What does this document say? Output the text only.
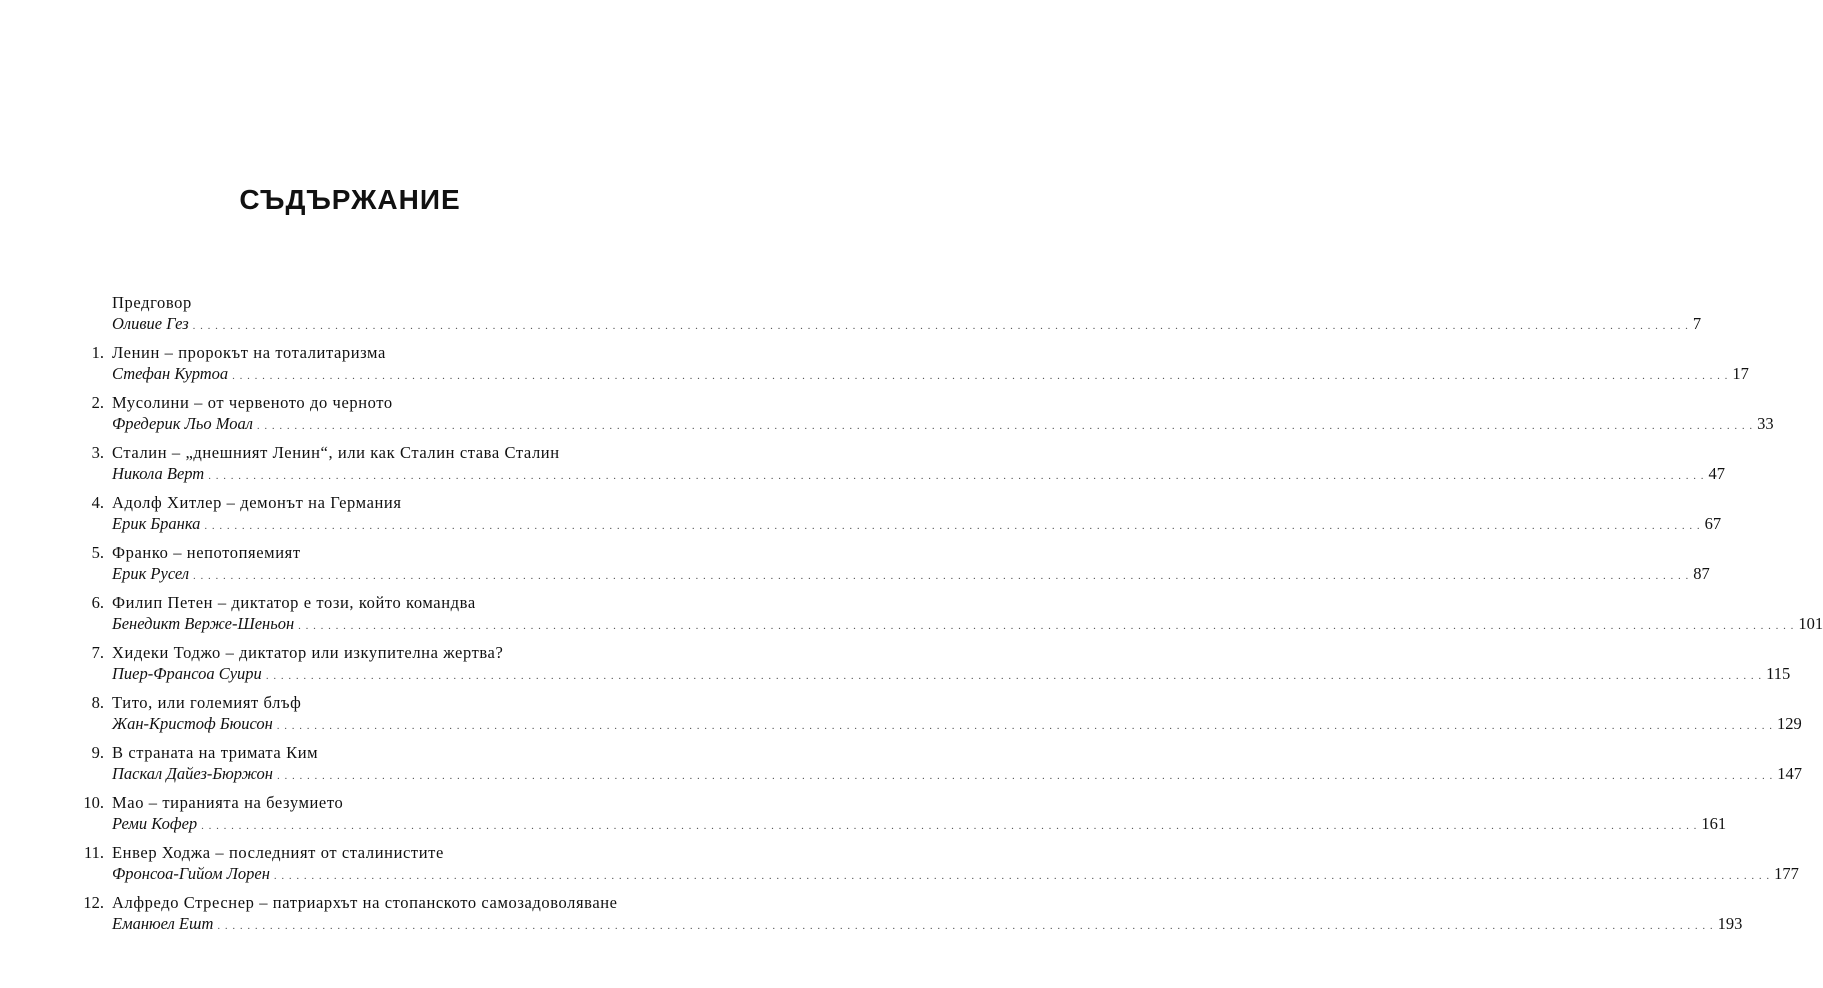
СЪДЪРЖАНИЕ
Предговор
Оливие Гез . . . . . . . . . . . . . . . . . . . . . . . . . . . . . . . . . . . . . . . . . . . . . . . . . . . . . . . . . . . . . . . . . . . . . . . . . . . . . . . . . . . . . . . . . . . . . . . . . . . . . . . . . . . . . . . . . . . . . . . . . . . . . . . . . . . . . . . . . . . . . . . . . . . . . . . . . . . . . . . . . . . . . . . . . . . . . . . . . . . . . . . . . . . . . . . . . . . . . . . . 7
1. Ленин – пророкът на тоталитаризма
Стефан Куртоа . . . . . . . . . . . . . . . . . . . . . . . . . . . . . . . . . . . . . . . . . . . . . . . . . . . . . . . . . . . . . . . . . . . . . . . . . . . . . . . . . . . . . . . . . . . . . . . . . . . . . . . . . . . . . . . . . . . . . . . . . . . . . . . . . . . . . . . . . . . . . . . . . . . . . . . . . . . . . . . . . . . . . . . . . . . . . . . . . . . . . . . . . . . . . . . . . . . . . . . . 17
2. Мусолини – от червеното до черното
Фредерик Льо Моал . . . . . . . . . . . . . . . . . . . . . . . . . . . . . . . . . . . . . . . . . . . . . . . . . . . . . . . . . . . . . . . . . . . . . . . . . . . . . . . . . . . . . . . . . . . . . . . . . . . . . . . . . . . . . . . . . . . . . . . . . . . . . . . . . . . . . . . . . . . . . . . . . . . . . . . . . . . . . . . . . . . . . . . . . . . . . . . . . . . . . . . . . . . . . . . . . . . . . . . . 33
3. Сталин – „днешният Ленин“, или как Сталин става Сталин
Никола Верт . . . . . . . . . . . . . . . . . . . . . . . . . . . . . . . . . . . . . . . . . . . . . . . . . . . . . . . . . . . . . . . . . . . . . . . . . . . . . . . . . . . . . . . . . . . . . . . . . . . . . . . . . . . . . . . . . . . . . . . . . . . . . . . . . . . . . . . . . . . . . . . . . . . . . . . . . . . . . . . . . . . . . . . . . . . . . . . . . . . . . . . . . . . . . . . . . . . . . . . . 47
4. Адолф Хитлер – демонът на Германия
Ерик Бранка . . . . . . . . . . . . . . . . . . . . . . . . . . . . . . . . . . . . . . . . . . . . . . . . . . . . . . . . . . . . . . . . . . . . . . . . . . . . . . . . . . . . . . . . . . . . . . . . . . . . . . . . . . . . . . . . . . . . . . . . . . . . . . . . . . . . . . . . . . . . . . . . . . . . . . . . . . . . . . . . . . . . . . . . . . . . . . . . . . . . . . . . . . . . . . . . . . . . . . . . 67
5. Франко – непотопяемият
Ерик Русел . . . . . . . . . . . . . . . . . . . . . . . . . . . . . . . . . . . . . . . . . . . . . . . . . . . . . . . . . . . . . . . . . . . . . . . . . . . . . . . . . . . . . . . . . . . . . . . . . . . . . . . . . . . . . . . . . . . . . . . . . . . . . . . . . . . . . . . . . . . . . . . . . . . . . . . . . . . . . . . . . . . . . . . . . . . . . . . . . . . . . . . . . . . . . . . . . . . . . . . . 87
6. Филип Петен – диктатор е този, който командва
Бенедикт Верже-Шеньон . . . . . . . . . . . . . . . . . . . . . . . . . . . . . . . . . . . . . . . . . . . . . . . . . . . . . . . . . . . . . . . . . . . . . . . . . . . . . . . . . . . . . . . . . . . . . . . . . . . . . . . . . . . . . . . . . . . . . . . . . . . . . . . . . . . . . . . . . . . . . . . . . . . . . . . . . . . . . . . . . . . . . . . . . . . . . . . . . . . . . . . . . . . . . . . . . . . . . . . . 101
7. Хидеки Тоджо – диктатор или изкупителна жертва?
Пиер-Франсоа Суири . . . . . . . . . . . . . . . . . . . . . . . . . . . . . . . . . . . . . . . . . . . . . . . . . . . . . . . . . . . . . . . . . . . . . . . . . . . . . . . . . . . . . . . . . . . . . . . . . . . . . . . . . . . . . . . . . . . . . . . . . . . . . . . . . . . . . . . . . . . . . . . . . . . . . . . . . . . . . . . . . . . . . . . . . . . . . . . . . . . . . . . . . . . . . . . . . . . . . . . . 115
8. Тито, или големият блъф
Жан-Кристоф Бюисон . . . . . . . . . . . . . . . . . . . . . . . . . . . . . . . . . . . . . . . . . . . . . . . . . . . . . . . . . . . . . . . . . . . . . . . . . . . . . . . . . . . . . . . . . . . . . . . . . . . . . . . . . . . . . . . . . . . . . . . . . . . . . . . . . . . . . . . . . . . . . . . . . . . . . . . . . . . . . . . . . . . . . . . . . . . . . . . . . . . . . . . . . . . . . . . . . . . . . . . . 129
9. В страната на тримата Ким
Паскал Дайез-Бюржон . . . . . . . . . . . . . . . . . . . . . . . . . . . . . . . . . . . . . . . . . . . . . . . . . . . . . . . . . . . . . . . . . . . . . . . . . . . . . . . . . . . . . . . . . . . . . . . . . . . . . . . . . . . . . . . . . . . . . . . . . . . . . . . . . . . . . . . . . . . . . . . . . . . . . . . . . . . . . . . . . . . . . . . . . . . . . . . . . . . . . . . . . . . . . . . . . . . . . . . . 147
10. Мао – тиранията на безумието
Реми Кофер . . . . . . . . . . . . . . . . . . . . . . . . . . . . . . . . . . . . . . . . . . . . . . . . . . . . . . . . . . . . . . . . . . . . . . . . . . . . . . . . . . . . . . . . . . . . . . . . . . . . . . . . . . . . . . . . . . . . . . . . . . . . . . . . . . . . . . . . . . . . . . . . . . . . . . . . . . . . . . . . . . . . . . . . . . . . . . . . . . . . . . . . . . . . . . . . . . . . . . . . 161
11. Енвер Ходжа – последният от сталинистите
Фронсоа-Гийом Лорен . . . . . . . . . . . . . . . . . . . . . . . . . . . . . . . . . . . . . . . . . . . . . . . . . . . . . . . . . . . . . . . . . . . . . . . . . . . . . . . . . . . . . . . . . . . . . . . . . . . . . . . . . . . . . . . . . . . . . . . . . . . . . . . . . . . . . . . . . . . . . . . . . . . . . . . . . . . . . . . . . . . . . . . . . . . . . . . . . . . . . . . . . . . . . . . . . . . . . . . . 177
12. Алфредо Стреснер – патриархът на стопанското самозадоволяване
Еманюел Ешт . . . . . . . . . . . . . . . . . . . . . . . . . . . . . . . . . . . . . . . . . . . . . . . . . . . . . . . . . . . . . . . . . . . . . . . . . . . . . . . . . . . . . . . . . . . . . . . . . . . . . . . . . . . . . . . . . . . . . . . . . . . . . . . . . . . . . . . . . . . . . . . . . . . . . . . . . . . . . . . . . . . . . . . . . . . . . . . . . . . . . . . . . . . . . . . . . . . . . . . . 193
